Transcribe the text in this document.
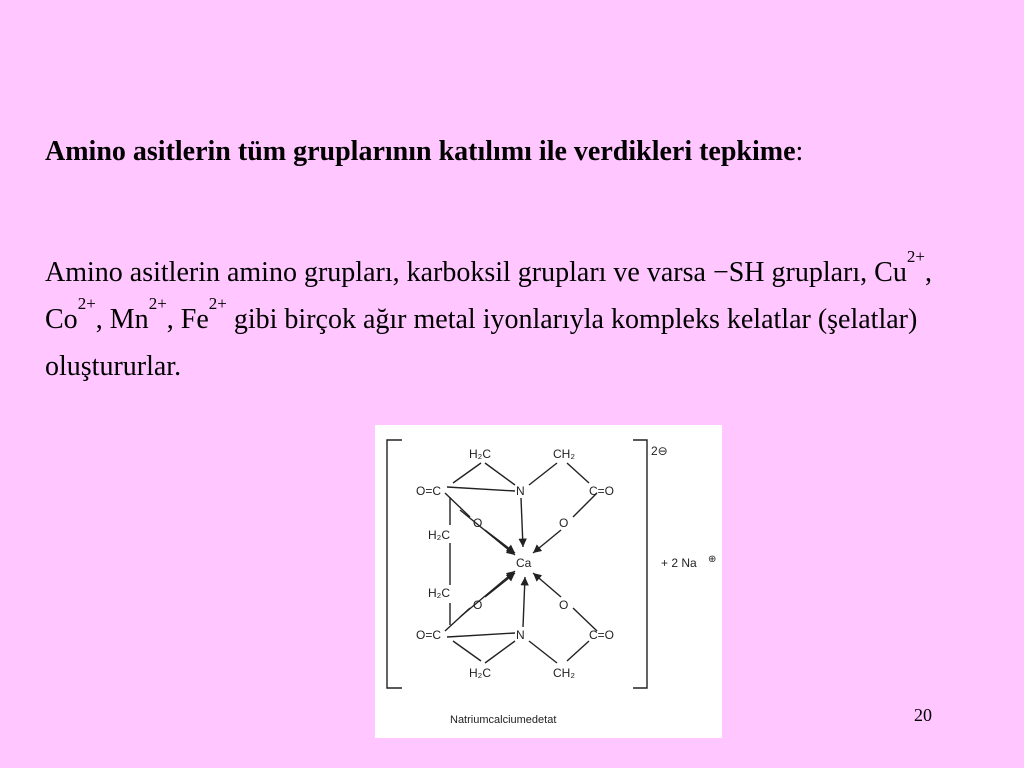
Amino asitlerin tüm gruplarının katılımı ile verdikleri tepkime:
Amino asitlerin amino grupları, karboksil grupları ve varsa −SH grupları, $Cu^{2+}$, $Co^{2+}$, $Mn^{2+}$, $Fe^{2+}$ gibi birçok ağır metal iyonlarıyla kompleks kelatlar (şelatlar) oluştururlar.
H₂C	CH₂
N
O=C	C=O
O	O
H₂C
Ca
H₂C
O	O
O=C	N	C=O
H₂C	CH₂
2⊖
+ 2 Na ⊕
Natriumcalciumedetat	20
